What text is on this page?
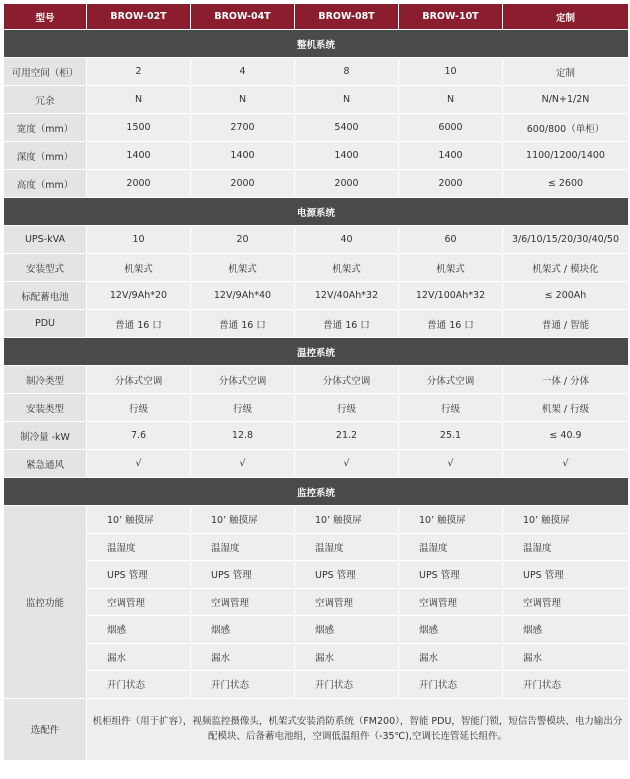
型号	BROW-02T	BROW-04T	BROW-08T	BROW-10T	定制
整机系统					
可用空间（柜）	2	4	8	10	定制
冗余	N	N	N	N	N/N+1/2N
宽度（mm）	1500	2700	5400	6000	600/800（单柜）
深度（mm）	1400	1400	1400	1400	1100/1200/1400
高度（mm）	2000	2000	2000	2000	≤ 2600
电源系统					
UPS-kVA	10	20	40	60	3/6/10/15/20/30/40/50
安装型式	机架式	机架式	机架式	机架式	机架式 / 模块化
标配蓄电池	12V/9Ah*20	12V/9Ah*40	12V/40Ah*32	12V/100Ah*32	≤ 200Ah
PDU	普通 16 口	普通 16 口	普通 16 口	普通 16 口	普通 / 智能
温控系统					
制冷类型	分体式空调	分体式空调	分体式空调	分体式空调	一体 / 分体
安装类型	行级	行级	行级	行级	机架 / 行级
制冷量 -kW	7.6	12.8	21.2	25.1	≤ 40.9
紧急通风	√	√	√	√	√
监控系统					
监控功能	10’ 触摸屏	10’ 触摸屏	10’ 触摸屏	10’ 触摸屏	10’ 触摸屏
	温湿度	温湿度	温湿度	温湿度	温湿度
	UPS 管理	UPS 管理	UPS 管理	UPS 管理	UPS 管理
	空调管理	空调管理	空调管理	空调管理	空调管理
	烟感	烟感	烟感	烟感	烟感
	漏水	漏水	漏水	漏水	漏水
	开门状态	开门状态	开门状态	开门状态	开门状态
选配件	机柜组件（用于扩容），视频监控摄像头，机架式安装消防系统（FM200），智能 PDU，智能门锁，短信告警模块、电力输出分配模块、后备蓄电池组，空调低温组件（-35℃),空调长连管延长组件。				
